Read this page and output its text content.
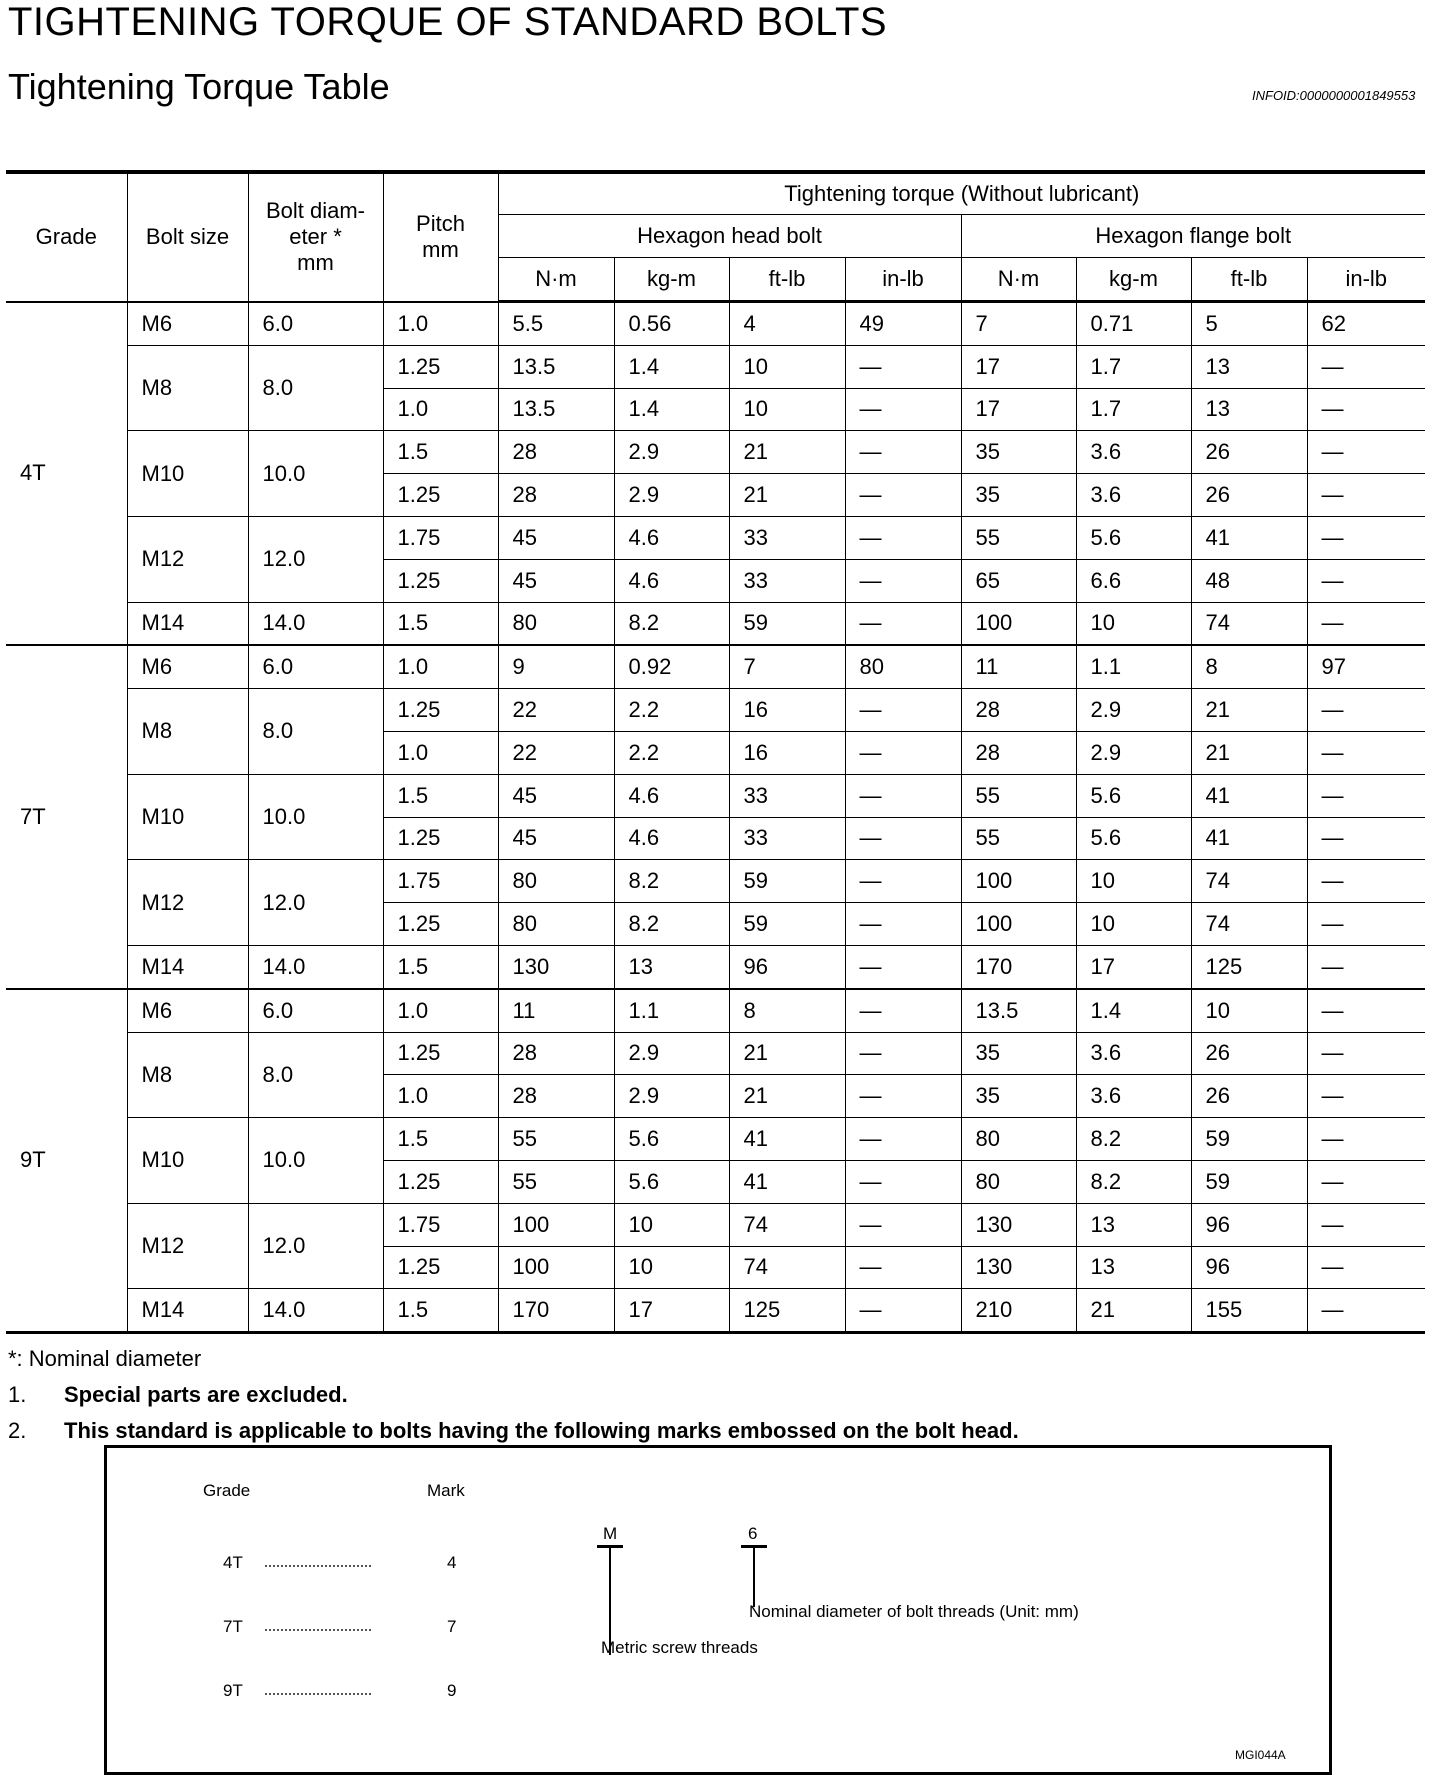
TIGHTENING TORQUE OF STANDARD BOLTS
Tightening Torque Table	INFOID:0000000001849553
Grade	Bolt size	Bolt diam-
eter *
mm	Pitch
mm	Tightening torque (Without lubricant)							
				Hexagon head bolt				Hexagon flange bolt			
				N·m	kg-m	ft-lb	in-lb	N·m	kg-m	ft-lb	in-lb
4T	M6	6.0	1.0	5.5	0.56	4	49	7	0.71	5	62
	M8	8.0	1.25	13.5	1.4	10	—	17	1.7	13	—
			1.0	13.5	1.4	10	—	17	1.7	13	—
	M10	10.0	1.5	28	2.9	21	—	35	3.6	26	—
			1.25	28	2.9	21	—	35	3.6	26	—
	M12	12.0	1.75	45	4.6	33	—	55	5.6	41	—
			1.25	45	4.6	33	—	65	6.6	48	—
	M14	14.0	1.5	80	8.2	59	—	100	10	74	—
7T	M6	6.0	1.0	9	0.92	7	80	11	1.1	8	97
	M8	8.0	1.25	22	2.2	16	—	28	2.9	21	—
			1.0	22	2.2	16	—	28	2.9	21	—
	M10	10.0	1.5	45	4.6	33	—	55	5.6	41	—
			1.25	45	4.6	33	—	55	5.6	41	—
	M12	12.0	1.75	80	8.2	59	—	100	10	74	—
			1.25	80	8.2	59	—	100	10	74	—
	M14	14.0	1.5	130	13	96	—	170	17	125	—
9T	M6	6.0	1.0	11	1.1	8	—	13.5	1.4	10	—
	M8	8.0	1.25	28	2.9	21	—	35	3.6	26	—
			1.0	28	2.9	21	—	35	3.6	26	—
	M10	10.0	1.5	55	5.6	41	—	80	8.2	59	—
			1.25	55	5.6	41	—	80	8.2	59	—
	M12	12.0	1.75	100	10	74	—	130	13	96	—
			1.25	100	10	74	—	130	13	96	—
	M14	14.0	1.5	170	17	125	—	210	21	155	—
*: Nominal diameter
1. Special parts are excluded.
2. This standard is applicable to bolts having the following marks embossed on the bolt head.
Grade	Mark
4T	4
7T	7
9T	9
M
Metric screw threads
6
Nominal diameter of bolt threads (Unit: mm)
MGI044A
